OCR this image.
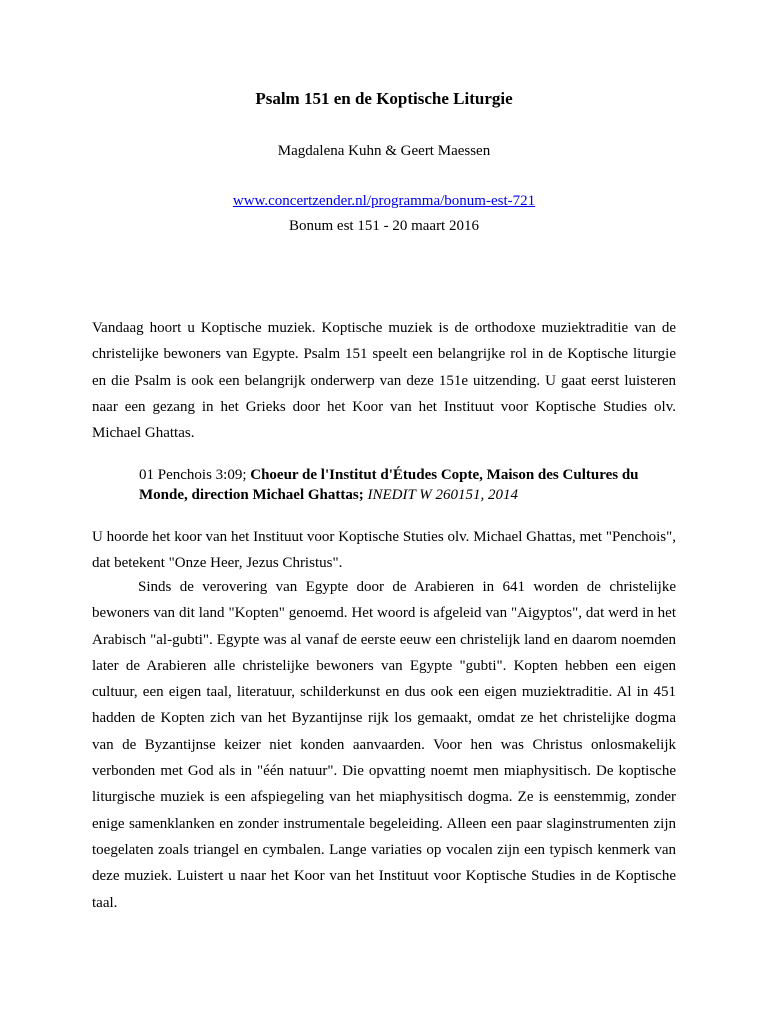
Psalm 151 en de Koptische Liturgie
Magdalena Kuhn & Geert Maessen
www.concertzender.nl/programma/bonum-est-721
Bonum est 151 - 20 maart 2016

Vandaag hoort u Koptische muziek. Koptische muziek is de orthodoxe muziektraditie van de christelijke bewoners van Egypte. Psalm 151 speelt een belangrijke rol in de Koptische liturgie en die Psalm is ook een belangrijk onderwerp van deze 151e uitzending. U gaat eerst luisteren naar een gezang in het Grieks door het Koor van het Instituut voor Koptische Studies olv. Michael Ghattas.

01 Penchois 3:09; Choeur de l'Institut d'Études Copte, Maison des Cultures du Monde, direction Michael Ghattas; INEDIT W 260151, 2014

U hoorde het koor van het Instituut voor Koptische Stuties olv. Michael Ghattas, met "Penchois", dat betekent "Onze Heer, Jezus Christus".

Sinds de verovering van Egypte door de Arabieren in 641 worden de christelijke bewoners van dit land "Kopten" genoemd. Het woord is afgeleid van "Aigyptos", dat werd in het Arabisch "al-gubti". Egypte was al vanaf de eerste eeuw een christelijk land en daarom noemden later de Arabieren alle christelijke bewoners van Egypte "gubti". Kopten hebben een eigen cultuur, een eigen taal, literatuur, schilderkunst en dus ook een eigen muziektraditie. Al in 451 hadden de Kopten zich van het Byzantijnse rijk los gemaakt, omdat ze het christelijke dogma van de Byzantijnse keizer niet konden aanvaarden. Voor hen was Christus onlosmakelijk verbonden met God als in "één natuur". Die opvatting noemt men miaphysitisch. De koptische liturgische muziek is een afspiegeling van het miaphysitisch dogma. Ze is eenstemmig, zonder enige samenklanken en zonder instrumentale begeleiding. Alleen een paar slaginstrumenten zijn toegelaten zoals triangel en cymbalen. Lange variaties op vocalen zijn een typisch kenmerk van deze muziek. Luistert u naar het Koor van het Instituut voor Koptische Studies in de Koptische taal.
